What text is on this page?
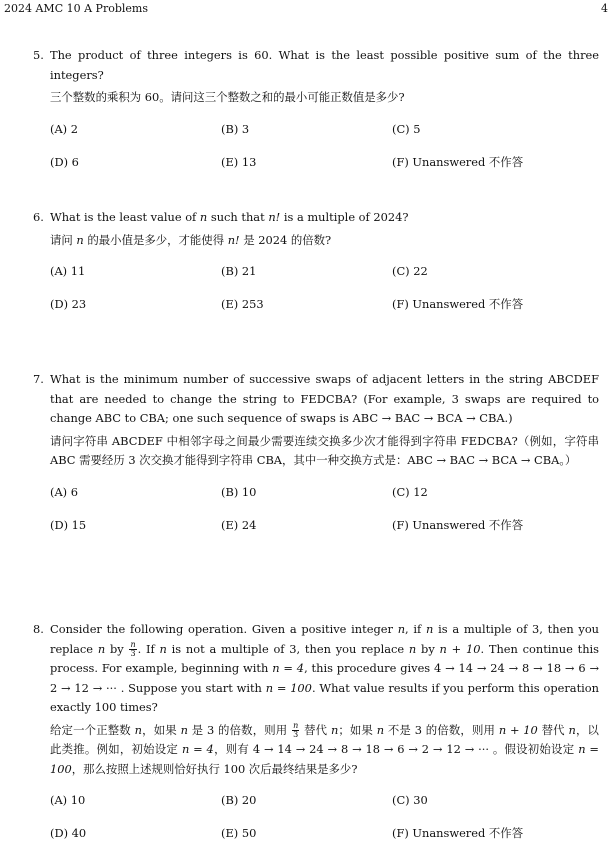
2024 AMC 10 A Problems	4
5. The product of three integers is 60. What is the least possible positive sum of the three integers?
三个整数的乘积为 60。请问这三个整数之和的最小可能正数值是多少?
(A) 2	(B) 3	(C) 5
(D) 6	(E) 13	(F) Unanswered 不作答
6. What is the least value of n such that n! is a multiple of 2024?
请问 n 的最小值是多少，才能使得 n! 是 2024 的倍数?
(A) 11	(B) 21	(C) 22
(D) 23	(E) 253	(F) Unanswered 不作答
7. What is the minimum number of successive swaps of adjacent letters in the string ABCDEF that are needed to change the string to FEDCBA? (For example, 3 swaps are required to change ABC to CBA; one such sequence of swaps is ABC → BAC → BCA → CBA.)
请问字符串 ABCDEF 中相邻字母之间最少需要连续交换多少次才能得到字符串 FEDCBA?（例如，字符串 ABC 需要经历 3 次交换才能得到字符串 CBA，其中一种交换方式是：ABC → BAC → BCA → CBA。）
(A) 6	(B) 10	(C) 12
(D) 15	(E) 24	(F) Unanswered 不作答
8. Consider the following operation. Given a positive integer n, if n is a multiple of 3, then you replace n by $\frac{n}{3}$ . If n is not a multiple of 3, then you replace n by n + 10. Then continue this process. For example, beginning with n = 4, this procedure gives 4 → 14 → 24 → 8 → 18 → 6 → 2 → 12 → ··· . Suppose you start with n = 100. What value results if you perform this operation exactly 100 times?
给定一个正整数 n，如果 n 是 3 的倍数，则用 $\frac{n}{3}$ 替代 n；如果 n 不是 3 的倍数，则用 n + 10 替代 n，以此类推。例如，初始设定 n = 4，则有 4 → 14 → 24 → 8 → 18 → 6 → 2 → 12 → ··· 。假设初始设定 n = 100，那么按照上述规则恰好执行 100 次后最终结果是多少?
(A) 10	(B) 20	(C) 30
(D) 40	(E) 50	(F) Unanswered 不作答
